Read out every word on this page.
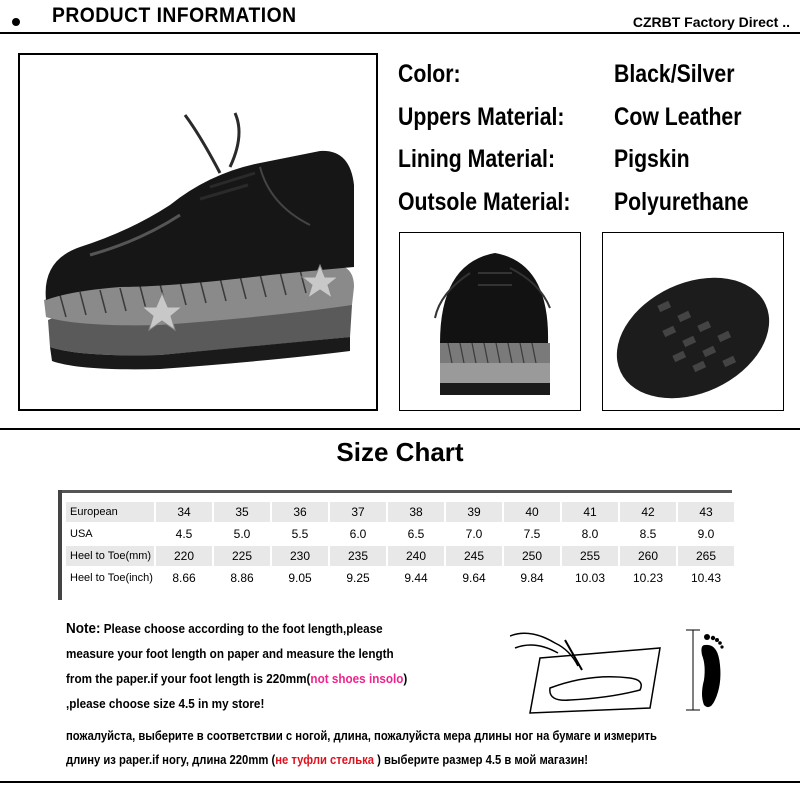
PRODUCT INFORMATION	CZRBT Factory Direct ..
Color:	Black/Silver
Uppers Material: Cow Leather
Lining Material: Pigskin
Outsole Material: Polyurethane
Size Chart
European	34	35	36	37	38	39	40	41	42	43
USA	4.5	5.0	5.5	6.0	6.5	7.0	7.5	8.0	8.5	9.0
Heel to Toe(mm)	220	225	230	235	240	245	250	255	260	265
Heel to Toe(inch)	8.66	8.86	9.05	9.25	9.44	9.64	9.84	10.03	10.23	10.43
Note: Please choose according to the foot length,please
measure your foot length on paper and measure the length
from the paper.if your foot length is 220mm(not shoes insolo)
,please choose size 4.5 in my store!
пожалуйста, выберите в соответствии с ногой, длина, пожалуйста мера длины ног на бумаге и измерить
длину из paper.if ногу, длина 220mm (не туфли стелька ) выберите размер 4.5 в мой магазин!
